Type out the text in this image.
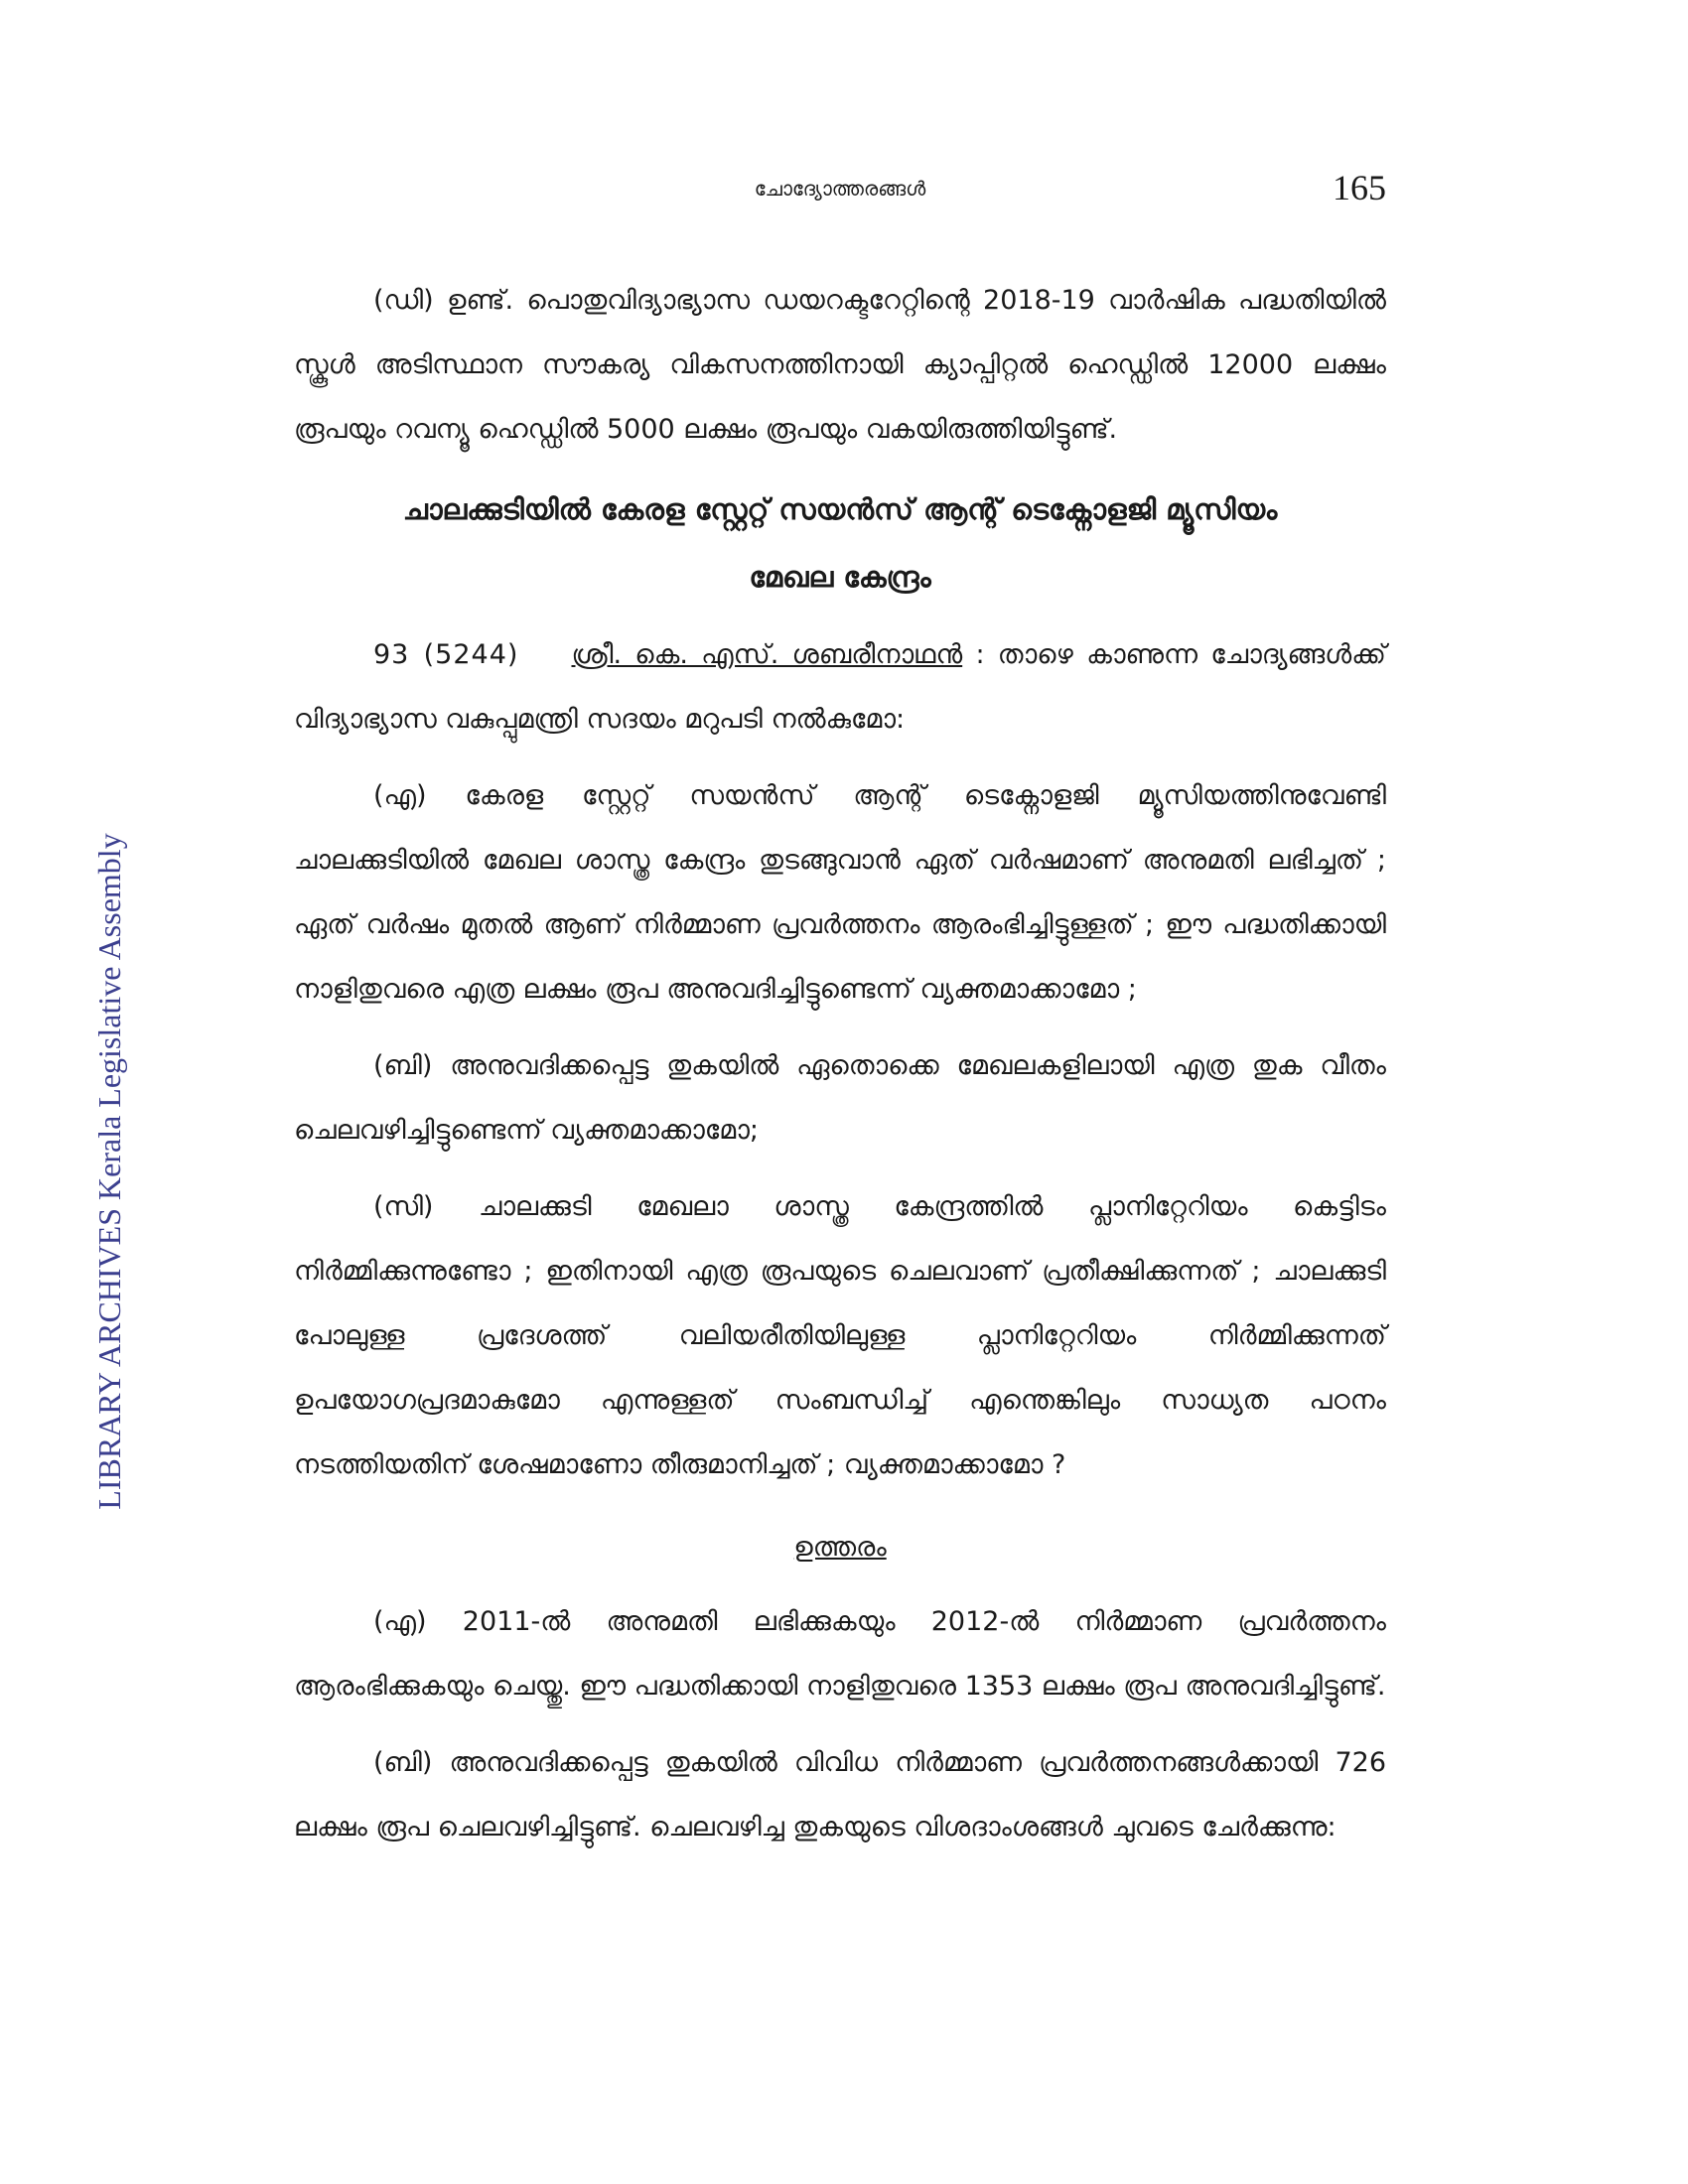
ചോദ്യോത്തരങ്ങൾ	165
LIBRARY ARCHIVES Kerala Legislative Assembly

(ഡി) ഉണ്ട്. പൊതുവിദ്യാഭ്യാസ ഡയറക്ടറേറ്റിന്റെ 2018-19 വാർഷിക പദ്ധതിയിൽ സ്കൂൾ അടിസ്ഥാന സൗകര്യ വികസനത്തിനായി ക്യാപ്പിറ്റൽ ഹെഡ്ഡിൽ 12000 ലക്ഷം രൂപയും റവന്യൂ ഹെഡ്ഡിൽ 5000 ലക്ഷം രൂപയും വകയിരുത്തിയിട്ടുണ്ട്.

ചാലക്കുടിയിൽ കേരള സ്റ്റേറ്റ് സയൻസ് ആന്റ് ടെക്നോളജി മ്യൂസിയം
മേഖല കേന്ദ്രം

93 (5244) ശ്രീ. കെ. എസ്. ശബരീനാഥൻ : താഴെ കാണുന്ന ചോദ്യങ്ങൾക്ക് വിദ്യാഭ്യാസ വകുപ്പുമന്ത്രി സദയം മറുപടി നൽകുമോ:

(എ) കേരള സ്റ്റേറ്റ് സയൻസ് ആന്റ് ടെക്നോളജി മ്യൂസിയത്തിനുവേണ്ടി ചാലക്കുടിയിൽ മേഖല ശാസ്ത്ര കേന്ദ്രം തുടങ്ങുവാൻ ഏത് വർഷമാണ് അനുമതി ലഭിച്ചത് ; ഏത് വർഷം മുതൽ ആണ് നിർമ്മാണ പ്രവർത്തനം ആരംഭിച്ചിട്ടുള്ളത് ; ഈ പദ്ധതിക്കായി നാളിതുവരെ എത്ര ലക്ഷം രൂപ അനുവദിച്ചിട്ടുണ്ടെന്ന് വ്യക്തമാക്കാമോ ;

(ബി) അനുവദിക്കപ്പെട്ട തുകയിൽ ഏതൊക്കെ മേഖലകളിലായി എത്ര തുക വീതം ചെലവഴിച്ചിട്ടുണ്ടെന്ന് വ്യക്തമാക്കാമോ;

(സി) ചാലക്കുടി മേഖലാ ശാസ്ത്ര കേന്ദ്രത്തിൽ പ്ലാനിറ്റേറിയം കെട്ടിടം നിർമ്മിക്കുന്നുണ്ടോ ; ഇതിനായി എത്ര രൂപയുടെ ചെലവാണ് പ്രതീക്ഷിക്കുന്നത് ; ചാലക്കുടി പോലുള്ള പ്രദേശത്ത് വലിയരീതിയിലുള്ള പ്ലാനിറ്റേറിയം നിർമ്മിക്കുന്നത് ഉപയോഗപ്രദമാകുമോ എന്നുള്ളത് സംബന്ധിച്ച് എന്തെങ്കിലും സാധ്യത പഠനം നടത്തിയതിന് ശേഷമാണോ തീരുമാനിച്ചത് ; വ്യക്തമാക്കാമോ ?

ഉത്തരം

(എ) 2011-ൽ അനുമതി ലഭിക്കുകയും 2012-ൽ നിർമ്മാണ പ്രവർത്തനം ആരംഭിക്കുകയും ചെയ്തു. ഈ പദ്ധതിക്കായി നാളിതുവരെ 1353 ലക്ഷം രൂപ അനുവദിച്ചിട്ടുണ്ട്.

(ബി) അനുവദിക്കപ്പെട്ട തുകയിൽ വിവിധ നിർമ്മാണ പ്രവർത്തനങ്ങൾക്കായി 726 ലക്ഷം രൂപ ചെലവഴിച്ചിട്ടുണ്ട്. ചെലവഴിച്ച തുകയുടെ വിശദാംശങ്ങൾ ചുവടെ ചേർക്കുന്നു:
